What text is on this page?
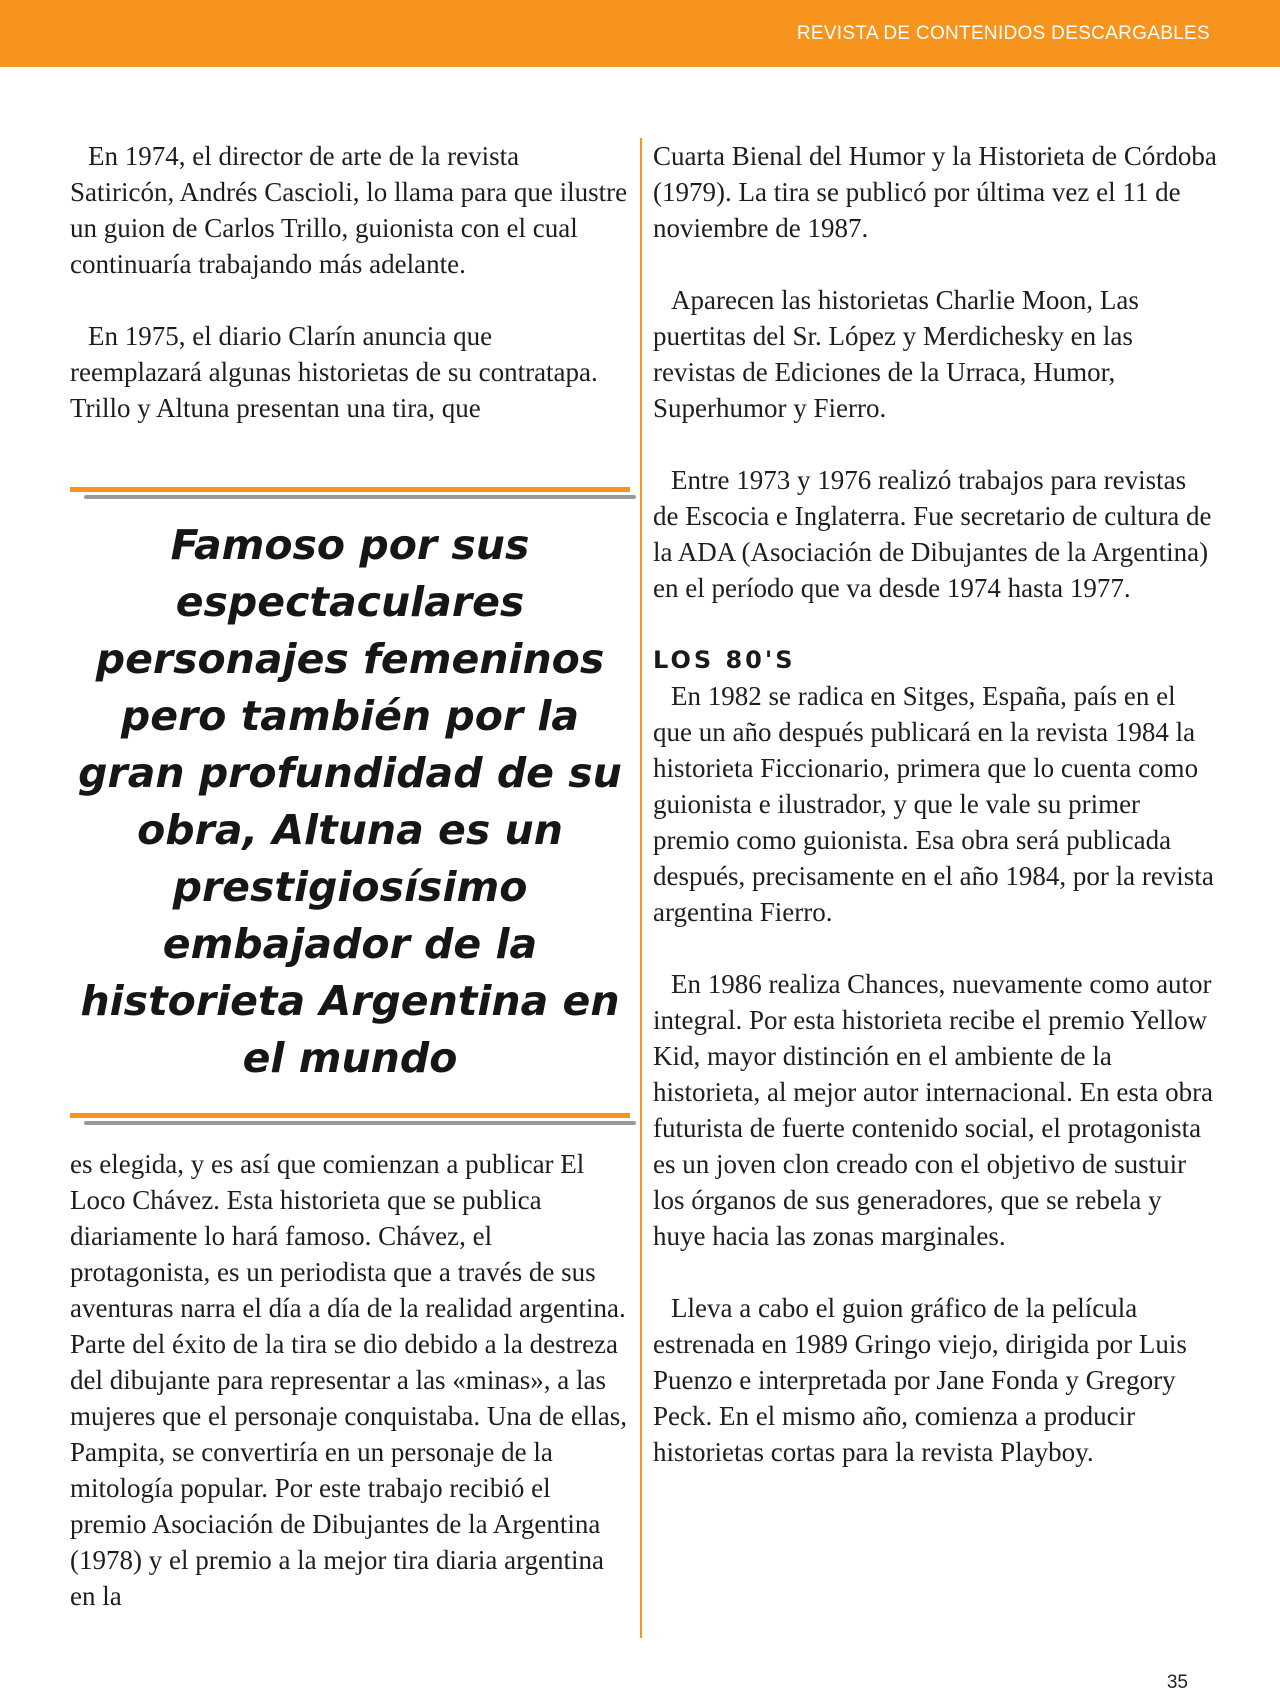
REVISTA DE CONTENIDOS DESCARGABLES

En 1974, el director de arte de la revista Satiricón, Andrés Cascioli, lo llama para que ilustre un guion de Carlos Trillo, guionista con el cual continuaría trabajando más adelante.

En 1975, el diario Clarín anuncia que reemplazará algunas historietas de su contratapa. Trillo y Altuna presentan una tira, que

Famoso por sus espectaculares personajes femeninos pero también por la gran profundidad de su obra, Altuna es un prestigiosísimo embajador de la historieta Argentina en el mundo

es elegida, y es así que comienzan a publicar El Loco Chávez. Esta historieta que se publica diariamente lo hará famoso. Chávez, el protagonista, es un periodista que a través de sus aventuras narra el día a día de la realidad argentina. Parte del éxito de la tira se dio debido a la destreza del dibujante para representar a las «minas», a las mujeres que el personaje conquistaba. Una de ellas, Pampita, se convertiría en un personaje de la mitología popular. Por este trabajo recibió el premio Asociación de Dibujantes de la Argentina (1978) y el premio a la mejor tira diaria argentina en la

Cuarta Bienal del Humor y la Historieta de Córdoba (1979). La tira se publicó por última vez el 11 de noviembre de 1987.

Aparecen las historietas Charlie Moon, Las puertitas del Sr. López y Merdichesky en las revistas de Ediciones de la Urraca, Humor, Superhumor y Fierro.

Entre 1973 y 1976 realizó trabajos para revistas de Escocia e Inglaterra. Fue secretario de cultura de la ADA (Asociación de Dibujantes de la Argentina) en el período que va desde 1974 hasta 1977.

LOS 80'S

En 1982 se radica en Sitges, España, país en el que un año después publicará en la revista 1984 la historieta Ficcionario, primera que lo cuenta como guionista e ilustrador, y que le vale su primer premio como guionista. Esa obra será publicada después, precisamente en el año 1984, por la revista argentina Fierro.

En 1986 realiza Chances, nuevamente como autor integral. Por esta historieta recibe el premio Yellow Kid, mayor distinción en el ambiente de la historieta, al mejor autor internacional. En esta obra futurista de fuerte contenido social, el protagonista es un joven clon creado con el objetivo de sustuir los órganos de sus generadores, que se rebela y huye hacia las zonas marginales.

Lleva a cabo el guion gráfico de la película estrenada en 1989 Gringo viejo, dirigida por Luis Puenzo e interpretada por Jane Fonda y Gregory Peck. En el mismo año, comienza a producir historietas cortas para la revista Playboy.

35
